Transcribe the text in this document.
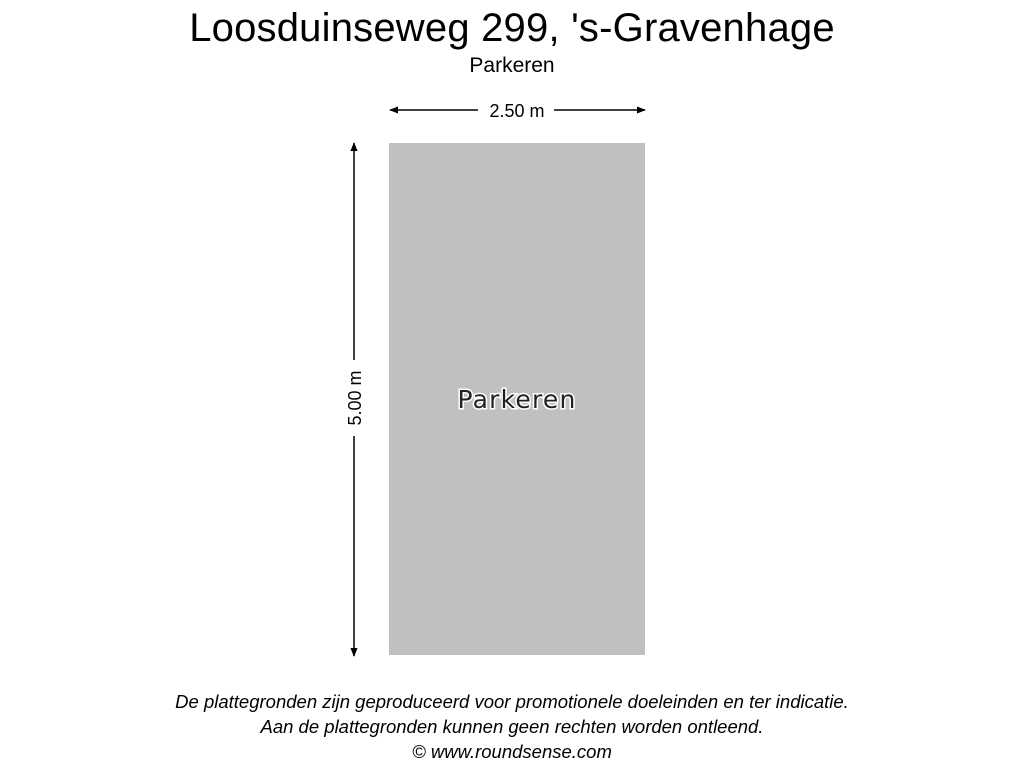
Loosduinseweg 299, 's-Gravenhage
Parkeren
2.50 m
5.00 m	Parkeren
De plattegronden zijn geproduceerd voor promotionele doeleinden en ter indicatie.
Aan de plattegronden kunnen geen rechten worden ontleend.
© www.roundsense.com
